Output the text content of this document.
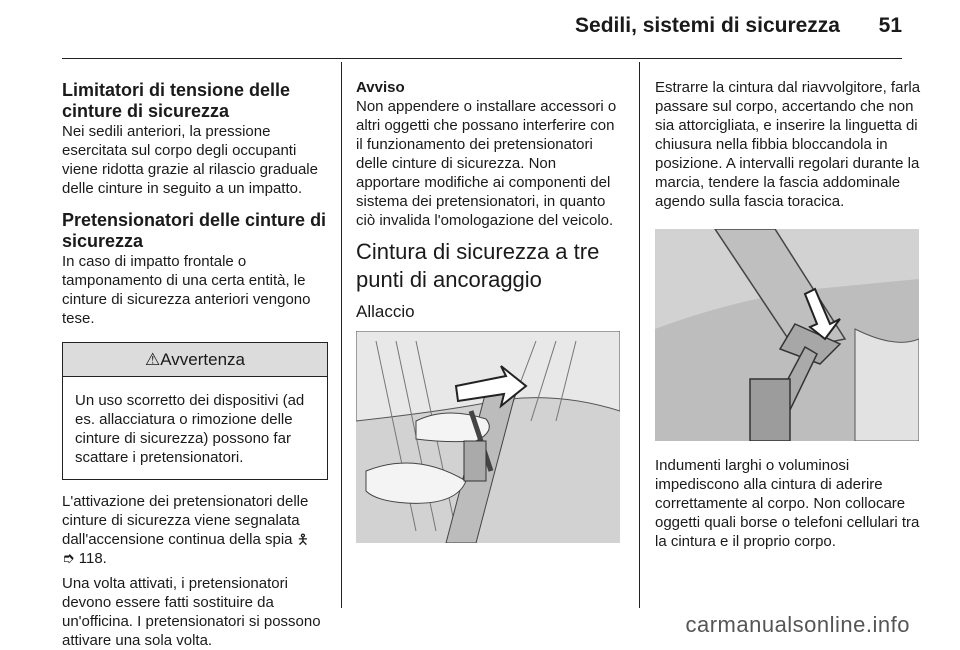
Sedili, sistemi di sicurezza 51
Limitatori di tensione delle cinture di sicurezza

Nei sedili anteriori, la pressione esercitata sul corpo degli occupanti viene ridotta grazie al rilascio graduale delle cinture in seguito a un impatto.

Pretensionatori delle cinture di sicurezza

In caso di impatto frontale o tamponamento di una certa entità, le cinture di sicurezza anteriori vengono tese.

⚠Avvertenza
Un uso scorretto dei dispositivi (ad es. allacciatura o rimozione delle cinture di sicurezza) possono far scattare i pretensionatori.

L'attivazione dei pretensionatori delle cinture di sicurezza viene segnalata dall'accensione continua della spia 🯅
➮ 118.

Una volta attivati, i pretensionatori devono essere fatti sostituire da un'officina. I pretensionatori si possono attivare una sola volta.

Avviso

Non appendere o installare accessori o altri oggetti che possano interferire con il funzionamento dei pretensionatori delle cinture di sicurezza. Non apportare modifiche ai componenti del sistema dei pretensionatori, in quanto ciò invalida l'omologazione del veicolo.

Cintura di sicurezza a tre punti di ancoraggio
Allaccio

Estrarre la cintura dal riavvolgitore, farla passare sul corpo, accertando che non sia attorcigliata, e inserire la linguetta di chiusura nella fibbia bloccandola in posizione. A intervalli regolari durante la marcia, tendere la fascia addominale agendo sulla fascia toracica.

Indumenti larghi o voluminosi impediscono alla cintura di aderire correttamente al corpo. Non collocare oggetti quali borse o telefoni cellulari tra la cintura e il proprio corpo.

carmanualsonline.info
